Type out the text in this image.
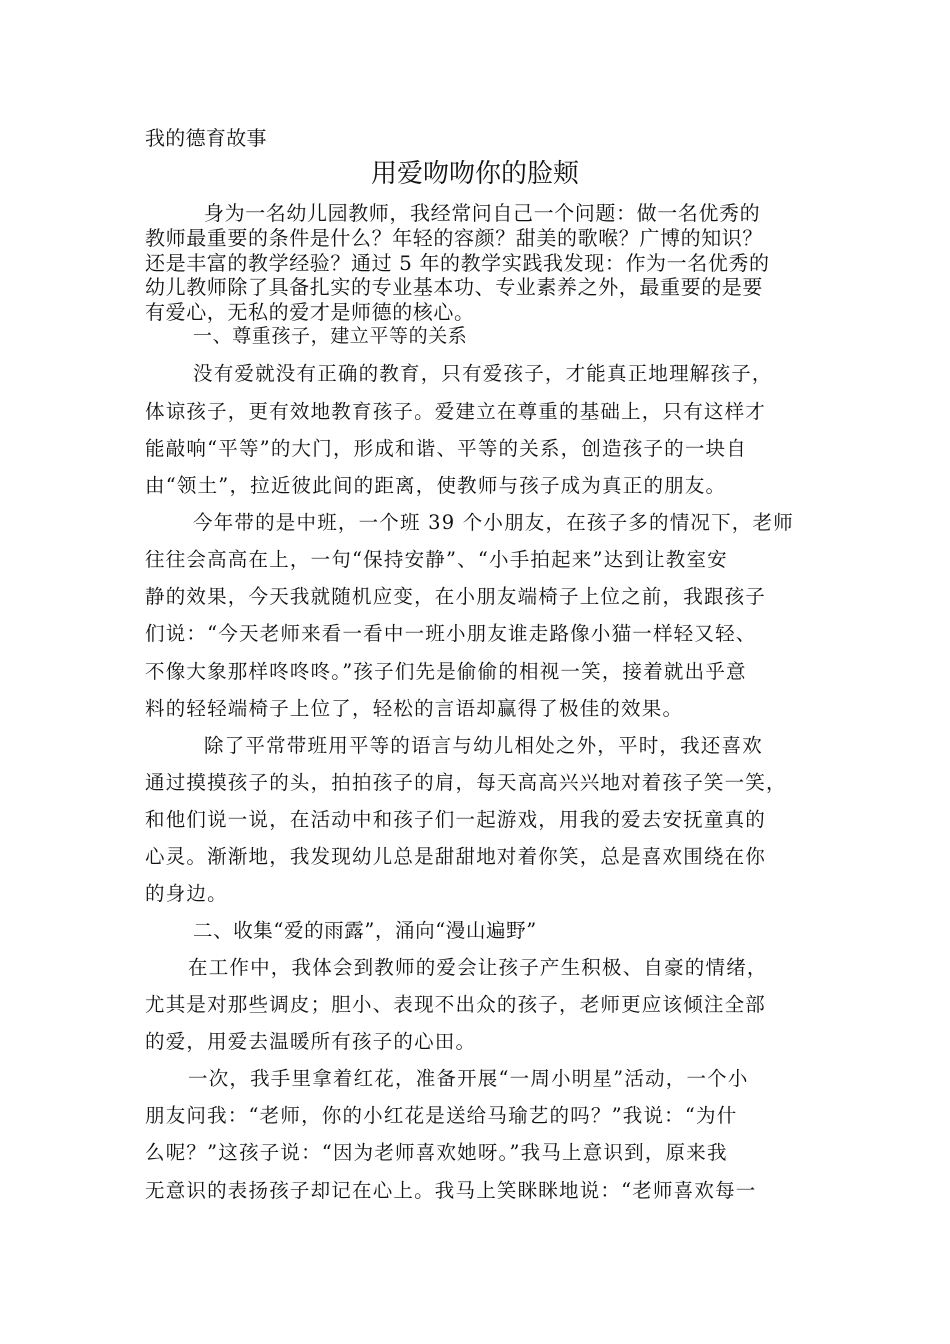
我的德育故事
用爱吻吻你的脸颊
身为一名幼儿园教师，我经常问自己一个问题：做一名优秀的
教师最重要的条件是什么？年轻的容颜？甜美的歌喉？广博的知识？
还是丰富的教学经验？通过 5 年的教学实践我发现：作为一名优秀的
幼儿教师除了具备扎实的专业基本功、专业素养之外，最重要的是要
有爱心，无私的爱才是师德的核心。
一、尊重孩子，建立平等的关系
没有爱就没有正确的教育，只有爱孩子，才能真正地理解孩子，
体谅孩子，更有效地教育孩子。爱建立在尊重的基础上，只有这样才
能敲响“平等”的大门，形成和谐、平等的关系，创造孩子的一块自
由“领土”，拉近彼此间的距离，使教师与孩子成为真正的朋友。
今年带的是中班，一个班 39 个小朋友，在孩子多的情况下，老师
往往会高高在上，一句“保持安静”、“小手拍起来”达到让教室安
静的效果，今天我就随机应变，在小朋友端椅子上位之前，我跟孩子
们说：“今天老师来看一看中一班小朋友谁走路像小猫一样轻又轻、
不像大象那样咚咚咚。”孩子们先是偷偷的相视一笑，接着就出乎意
料的轻轻端椅子上位了，轻松的言语却赢得了极佳的效果。
除了平常带班用平等的语言与幼儿相处之外，平时，我还喜欢
通过摸摸孩子的头，拍拍孩子的肩，每天高高兴兴地对着孩子笑一笑，
和他们说一说，在活动中和孩子们一起游戏，用我的爱去安抚童真的
心灵。渐渐地，我发现幼儿总是甜甜地对着你笑，总是喜欢围绕在你
的身边。
二、收集“爱的雨露”，涌向“漫山遍野”
在工作中，我体会到教师的爱会让孩子产生积极、自豪的情绪，
尤其是对那些调皮；胆小、表现不出众的孩子，老师更应该倾注全部
的爱，用爱去温暖所有孩子的心田。
一次，我手里拿着红花，准备开展“一周小明星”活动，一个小
朋友问我：“老师，你的小红花是送给马瑜艺的吗？”我说：“为什
么呢？”这孩子说：“因为老师喜欢她呀。”我马上意识到，原来我
无意识的表扬孩子却记在心上。我马上笑眯眯地说：“老师喜欢每一
